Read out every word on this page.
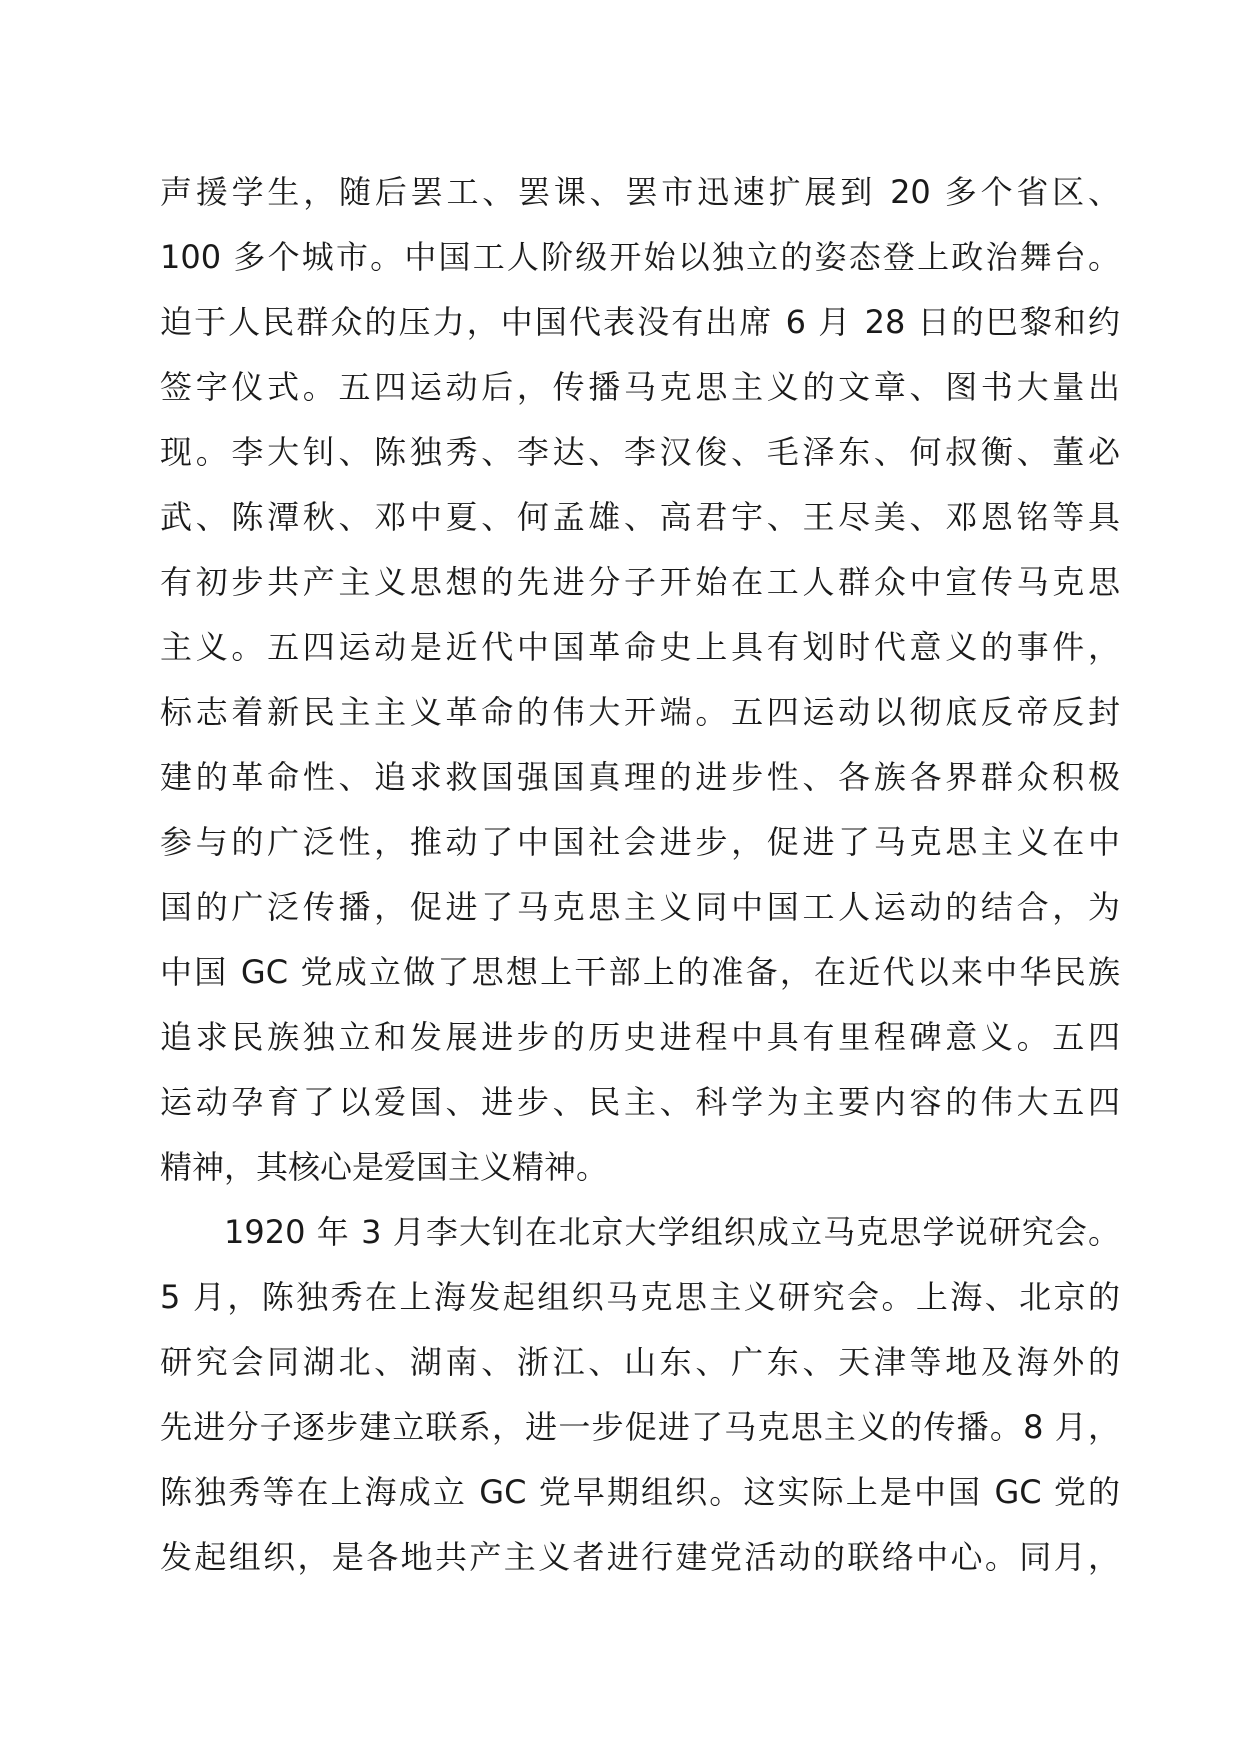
声援学生，随后罢工、罢课、罢市迅速扩展到 20 多个省区、
100 多个城市。中国工人阶级开始以独立的姿态登上政治舞台。
迫于人民群众的压力，中国代表没有出席 6 月 28 日的巴黎和约
签字仪式。五四运动后，传播马克思主义的文章、图书大量出
现。李大钊、陈独秀、李达、李汉俊、毛泽东、何叔衡、董必
武、陈潭秋、邓中夏、何孟雄、高君宇、王尽美、邓恩铭等具
有初步共产主义思想的先进分子开始在工人群众中宣传马克思
主义。五四运动是近代中国革命史上具有划时代意义的事件，
标志着新民主主义革命的伟大开端。五四运动以彻底反帝反封
建的革命性、追求救国强国真理的进步性、各族各界群众积极
参与的广泛性，推动了中国社会进步，促进了马克思主义在中
国的广泛传播，促进了马克思主义同中国工人运动的结合，为
中国 GC 党成立做了思想上干部上的准备，在近代以来中华民族
追求民族独立和发展进步的历史进程中具有里程碑意义。五四
运动孕育了以爱国、进步、民主、科学为主要内容的伟大五四
精神，其核心是爱国主义精神。
1920 年 3 月李大钊在北京大学组织成立马克思学说研究会。
5 月，陈独秀在上海发起组织马克思主义研究会。上海、北京的
研究会同湖北、湖南、浙江、山东、广东、天津等地及海外的
先进分子逐步建立联系，进一步促进了马克思主义的传播。8 月，
陈独秀等在上海成立 GC 党早期组织。这实际上是中国 GC 党的
发起组织，是各地共产主义者进行建党活动的联络中心。同月，
